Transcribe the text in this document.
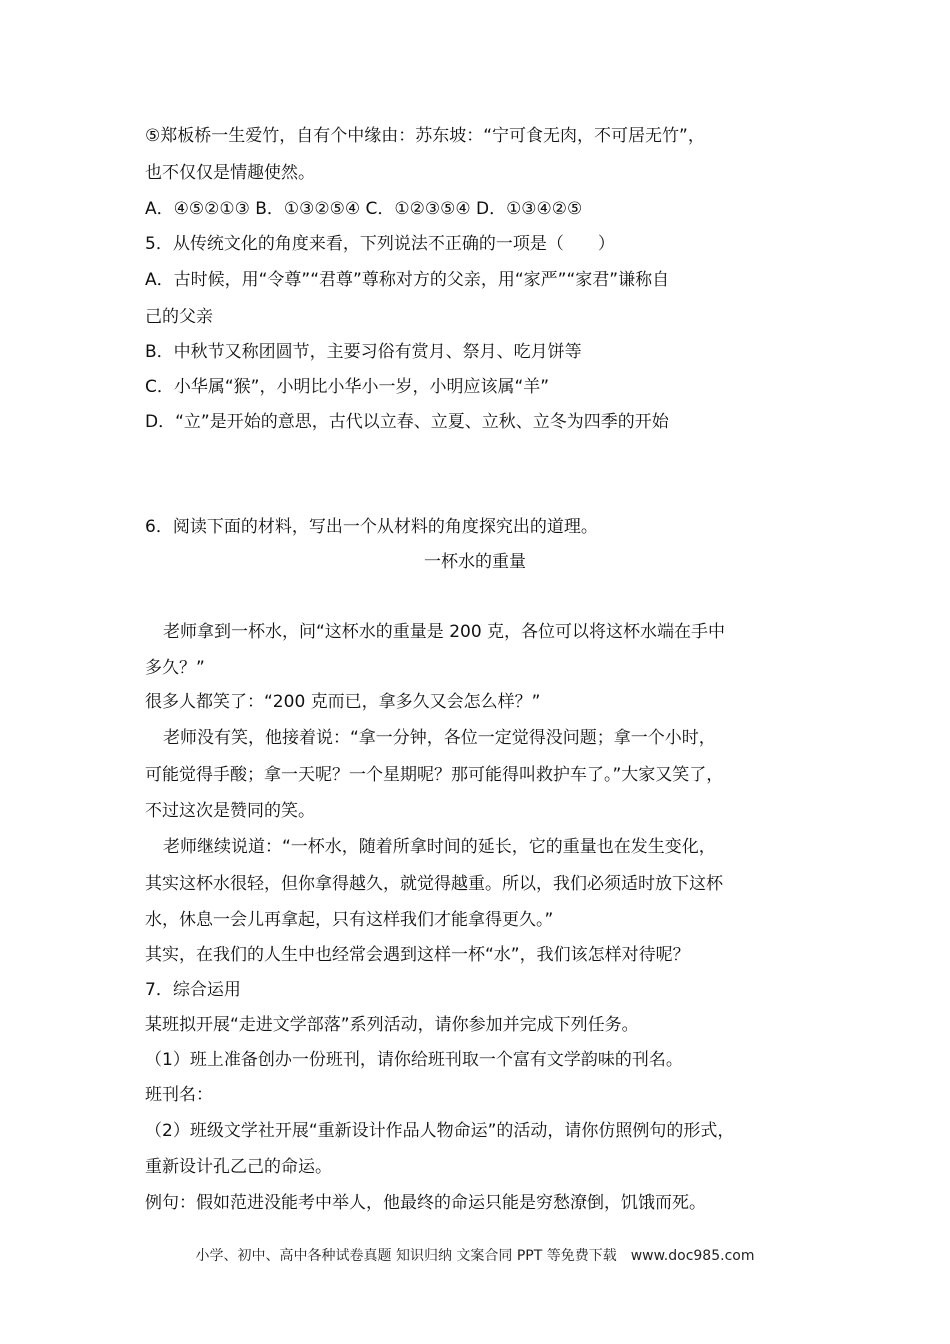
⑤郑板桥一生爱竹，自有个中缘由：苏东坡：“宁可食无肉，不可居无竹”，
也不仅仅是情趣使然。
A．④⑤②①③ B．①③②⑤④ C．①②③⑤④ D．①③④②⑤
5．从传统文化的角度来看，下列说法不正确的一项是（　　）
A．古时候，用“令尊”“君尊”尊称对方的父亲，用“家严”“家君”谦称自
己的父亲
B．中秋节又称团圆节，主要习俗有赏月、祭月、吃月饼等
C．小华属“猴”，小明比小华小一岁，小明应该属“羊”
D．“立”是开始的意思，古代以立春、立夏、立秋、立冬为四季的开始
6．阅读下面的材料，写出一个从材料的角度探究出的道理。
一杯水的重量
老师拿到一杯水，问“这杯水的重量是 200 克，各位可以将这杯水端在手中
多久？”
很多人都笑了：“200 克而已，拿多久又会怎么样？”
老师没有笑，他接着说：“拿一分钟，各位一定觉得没问题；拿一个小时，
可能觉得手酸；拿一天呢？一个星期呢？那可能得叫救护车了。”大家又笑了，
不过这次是赞同的笑。
老师继续说道：“一杯水，随着所拿时间的延长，它的重量也在发生变化，
其实这杯水很轻，但你拿得越久，就觉得越重。所以，我们必须适时放下这杯
水，休息一会儿再拿起，只有这样我们才能拿得更久。”
其实，在我们的人生中也经常会遇到这样一杯“水”，我们该怎样对待呢？
7．综合运用
某班拟开展“走进文学部落”系列活动，请你参加并完成下列任务。
（1）班上准备创办一份班刊，请你给班刊取一个富有文学韵味的刊名。
班刊名：
（2）班级文学社开展“重新设计作品人物命运”的活动，请你仿照例句的形式，
重新设计孔乙己的命运。
例句：假如范进没能考中举人，他最终的命运只能是穷愁潦倒，饥饿而死。
小学、初中、高中各种试卷真题 知识归纳 文案合同 PPT 等免费下载　www.doc985.com
